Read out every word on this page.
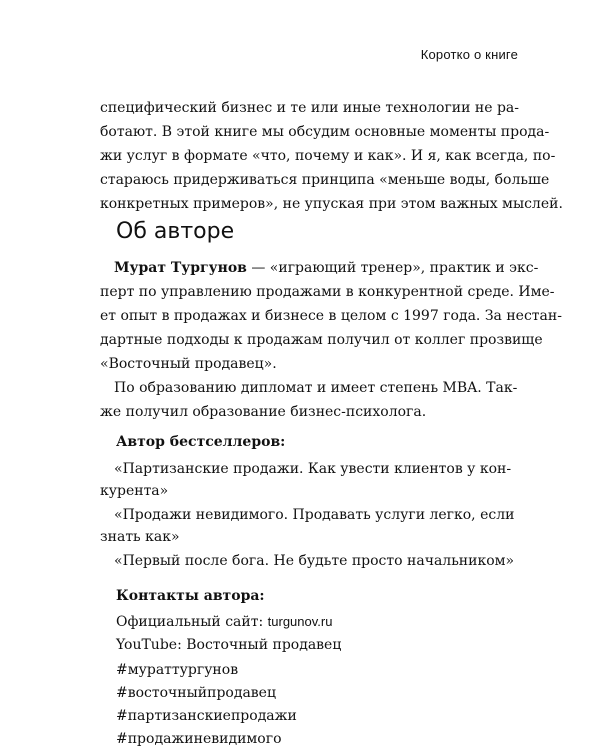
Коротко о книге

специфический бизнес и те или иные технологии не ра-
ботают. В этой книге мы обсудим основные моменты прода-
жи услуг в формате «что, почему и как». И я, как всегда, по-
стараюсь придерживаться принципа «меньше воды, больше
конкретных примеров», не упуская при этом важных мыслей.

Об авторе

Мурат Тургунов — «играющий тренер», практик и экс-
перт по управлению продажами в конкурентной среде. Име-
ет опыт в продажах и бизнесе в целом с 1997 года. За нестан-
дартные подходы к продажам получил от коллег прозвище
«Восточный продавец».

По образованию дипломат и имеет степень MBA. Так-
же получил образование бизнес-психолога.

Автор бестселлеров:
«Партизанские продажи. Как увести клиентов у кон-
курента»
«Продажи невидимого. Продавать услуги легко, если
знать как»
«Первый после бога. Не будьте просто начальником»
Контакты автора:
Официальный сайт: turgunov.ru
YouTube: Восточный продавец
#мураттургунов
#восточныйпродавец
#партизанскиепродажи
#продажиневидимого
